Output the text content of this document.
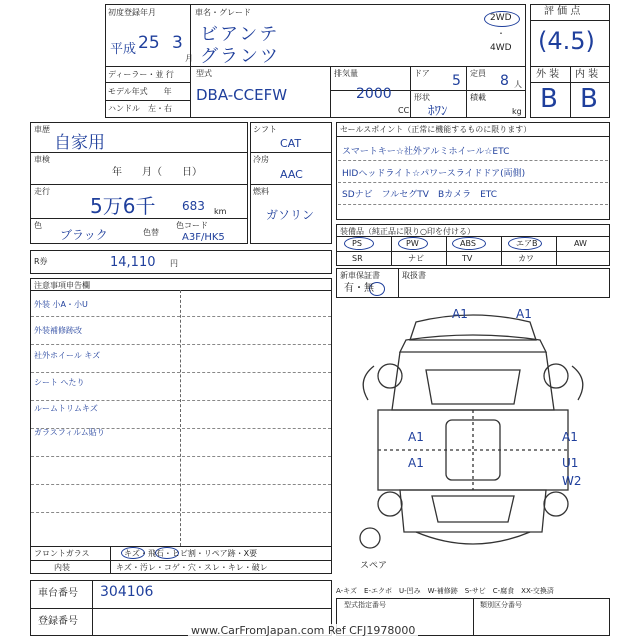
初度登録年月
平成 25 3
月
車名・グレード
ビアンテ
グランツ
2WD
・
4WD
ディーラー・並 行
モデル年式　　年
ハンドル　左・右
型式
DBA-CCEFW
排気量
2000
CC
ドア 5 定員 8 人
形状
ﾎﾜﾝ
積載
kg
評 価 点
(4.5)
外 装 内 装
B B
車歴
自家用
車検
年　　月（　　日）
走行
5万6千 683 km
色
ブラック	色替
色コード
A3F/HK5
シフト
CAT
冷房
AAC
燃料
ガソリン
R券	14,110 円
セールスポイント（正常に機能するものに限ります）
スマートキー☆社外アルミホイール☆ETC
HIDヘッドライト☆パワースライドドア(両側)
SDナビ　フルセグTV　Bカメラ　ETC
装備品（純正品に限り○印を付ける）
PS	PW	ABS	エアB	AW
SR	ナビ	TV	カワ
新車保証書
有・無
取扱書
注意事項申告欄
外装 小A・小U
外装補修跡改
社外ホイール キズ
シート へたり
ルームトリムキズ
ガラスフィルム貼り
フロントガラス	キズ・飛石・ヒビ割・リペア跡・X要
内装	キズ・汚レ・コゲ・穴・スレ・キレ・破レ
車台番号 304106
登録番号
A1	A1
A1	A1
A1	U1
W2
スペア
A-キズ　E-エクボ　U-凹み　W-補修跡　S-サビ　C-腐食　XX-交換済
型式指定番号	類別区分番号
www.CarFromJapan.com Ref CFJ1978000
